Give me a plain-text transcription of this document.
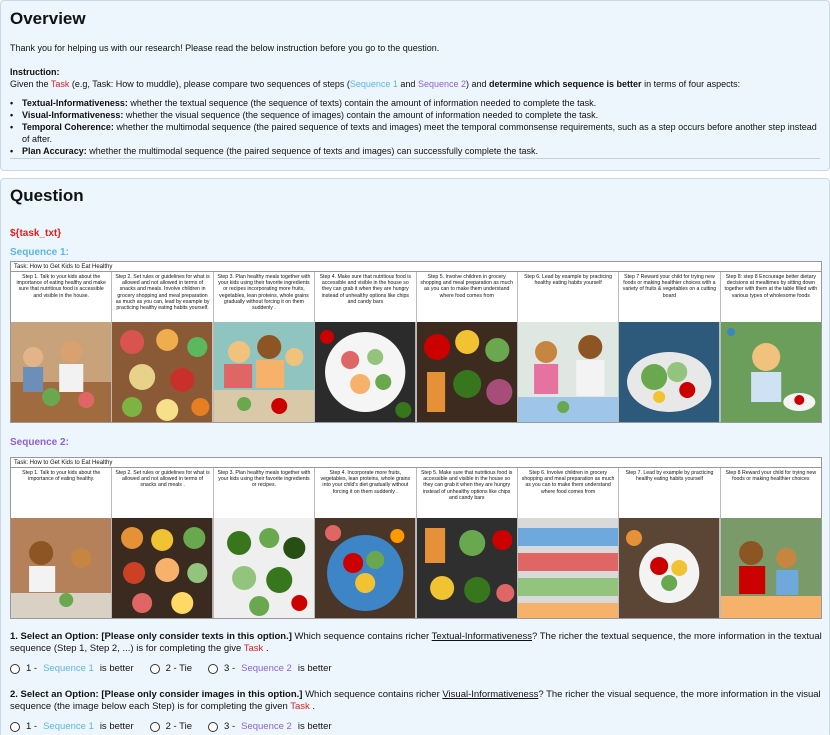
Overview

Thank you for helping us with our research! Please read the below instruction before you go to the question.

Instruction:

Given the Task (e.g, Task: How to muddle), please compare two sequences of steps (Sequence 1 and Sequence 2) and determine which sequence is better in terms of four aspects:

• Textual-Informativeness: whether the textual sequence (the sequence of texts) contain the amount of information needed to complete the task.
• Visual-Informativeness: whether the visual sequence (the sequence of images) contain the amount of information needed to complete the task.
• Temporal Coherence: whether the multimodal sequence (the paired sequence of texts and images) meet the temporal commonsense requirements, such as a step occurs before another step instead of after.
• Plan Accuracy: whether the multimodal sequence (the paired sequence of texts and images) can successfully complete the task.
Question

${task_txt}

Sequence 1:

Task: How to Get Kids to Eat Healthy
Step 1. Talk to your kids about the importance of eating healthy and make sure that nutritious food is accessible and visible in the house.
Step 2. Set rules or guidelines for what is allowed and not allowed in terms of snacks and meals. Involve children in grocery shopping and meal preparation as much as you can, lead by example by practicing healthy eating habits yourself.
Step 3. Plan healthy meals together with your kids using their favorite ingredients or recipes incorporating more fruits, vegetables, lean proteins, whole grains gradually without forcing it on them suddenly .
Step 4. Make sure that nutritious food is accessible and visible in the house so they can grab it when they are hungry instead of unhealthy options like chips and candy bars
Step 5. Involve children in grocery shopping and meal preparation as much as you can to make them understand where food comes from
Step 6. Lead by example by practicing healthy eating habits yourself
Step 7 Reward your child for trying new foods or making healthier choices with a variety of fruits & vegetables on a cutting board
Step 8: step 8 Encourage better dietary decisions at mealtimes by sitting down together with them at the table filled with various types of wholesome foods

Sequence 2:

Task: How to Get Kids to Eat Healthy
Step 1. Talk to your kids about the importance of eating healthy.
Step 2. Set rules or guidelines for what is allowed and not allowed in terms of snacks and meals .
Step 3. Plan healthy meals together with your kids using their favorite ingredients or recipes.
Step 4. Incorporate more fruits, vegetables, lean proteins, whole grains into your child's diet gradually without forcing it on them suddenly .
Step 5. Make sure that nutritious food is accessible and visible in the house so they can grab it when they are hungry instead of unhealthy options like chips and candy bars
Step 6. Involve children in grocery shopping and meal preparation as much as you can to make them understand where food comes from
Step 7. Lead by example by practicing healthy eating habits yourself
Step 8 Reward your child for trying new foods or making healthier choices

1. Select an Option: [Please only consider texts in this option.] Which sequence contains richer Textual-Informativeness? The richer the textual sequence, the more information in the textual sequence (Step 1, Step 2, ...) is for completing the give Task .

1 - Sequence 1 is better	2 - Tie	3 - Sequence 2 is better

2. Select an Option: [Please only consider images in this option.] Which sequence contains richer Visual-Informativeness? The richer the visual sequence, the more information in the visual sequence (the image below each Step) is for completing the given Task .

1 - Sequence 1 is better	2 - Tie	3 - Sequence 2 is better
